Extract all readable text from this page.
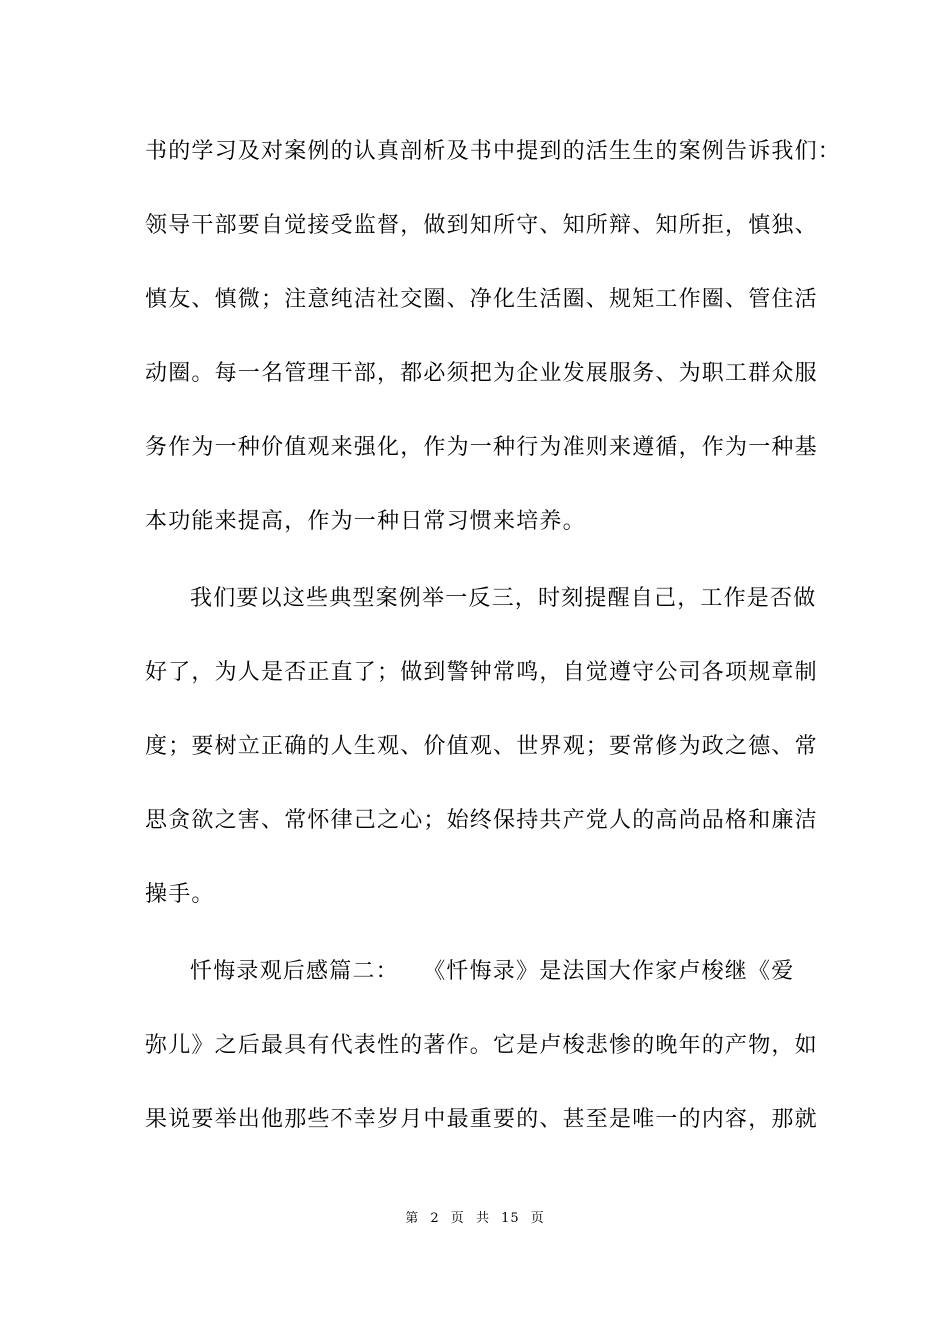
书的学习及对案例的认真剖析及书中提到的活生生的案例告诉我们：
领导干部要自觉接受监督，做到知所守、知所辩、知所拒，慎独、
慎友、慎微；注意纯洁社交圈、净化生活圈、规矩工作圈、管住活
动圈。每一名管理干部，都必须把为企业发展服务、为职工群众服
务作为一种价值观来强化，作为一种行为准则来遵循，作为一种基
本功能来提高，作为一种日常习惯来培养。
我们要以这些典型案例举一反三，时刻提醒自己，工作是否做
好了，为人是否正直了；做到警钟常鸣，自觉遵守公司各项规章制
度；要树立正确的人生观、价值观、世界观；要常修为政之德、常
思贪欲之害、常怀律己之心；始终保持共产党人的高尚品格和廉洁
操手。
忏悔录观后感篇二：　　《忏悔录》是法国大作家卢梭继《爱
弥儿》之后最具有代表性的著作。它是卢梭悲惨的晚年的产物，如
果说要举出他那些不幸岁月中最重要的、甚至是唯一的内容，那就
第 2 页 共 15 页
